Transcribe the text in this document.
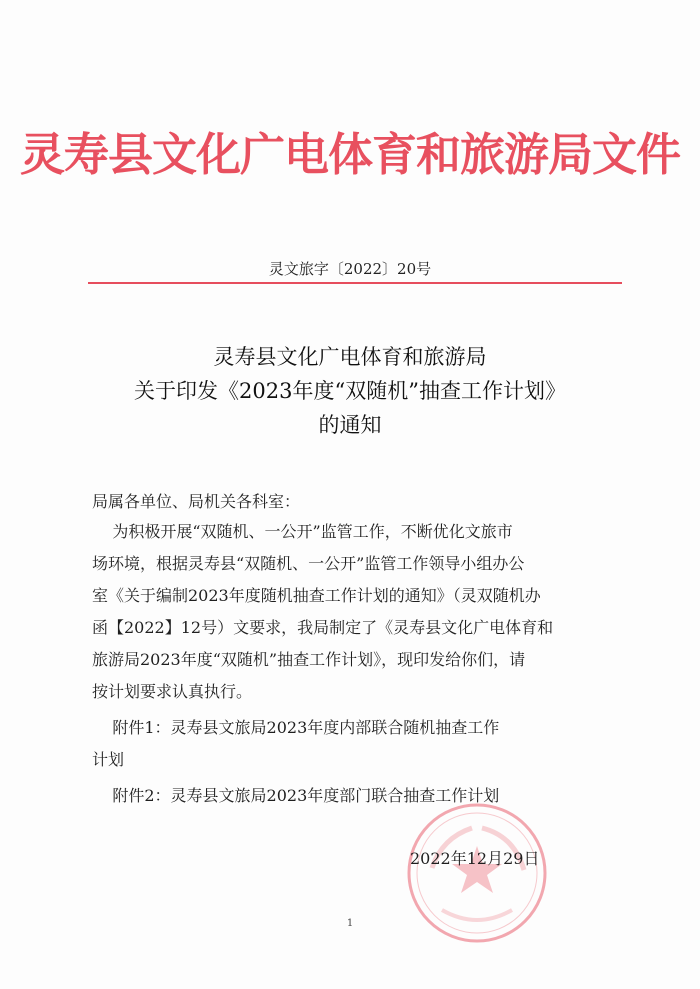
灵寿县文化广电体育和旅游局文件
灵文旅字〔2022〕20号
灵寿县文化广电体育和旅游局
关于印发《2023年度“双随机”抽查工作计划》
的通知
局属各单位、局机关各科室：
为积极开展“双随机、一公开”监管工作，不断优化文旅市
场环境，根据灵寿县“双随机、一公开”监管工作领导小组办公
室《关于编制2023年度随机抽查工作计划的通知》（灵双随机办
函【2022】12号）文要求，我局制定了《灵寿县文化广电体育和
旅游局2023年度“双随机”抽查工作计划》，现印发给你们，请
按计划要求认真执行。
附件1：灵寿县文旅局2023年度内部联合随机抽查工作
计划
附件2：灵寿县文旅局2023年度部门联合抽查工作计划
2022年12月29日
1
